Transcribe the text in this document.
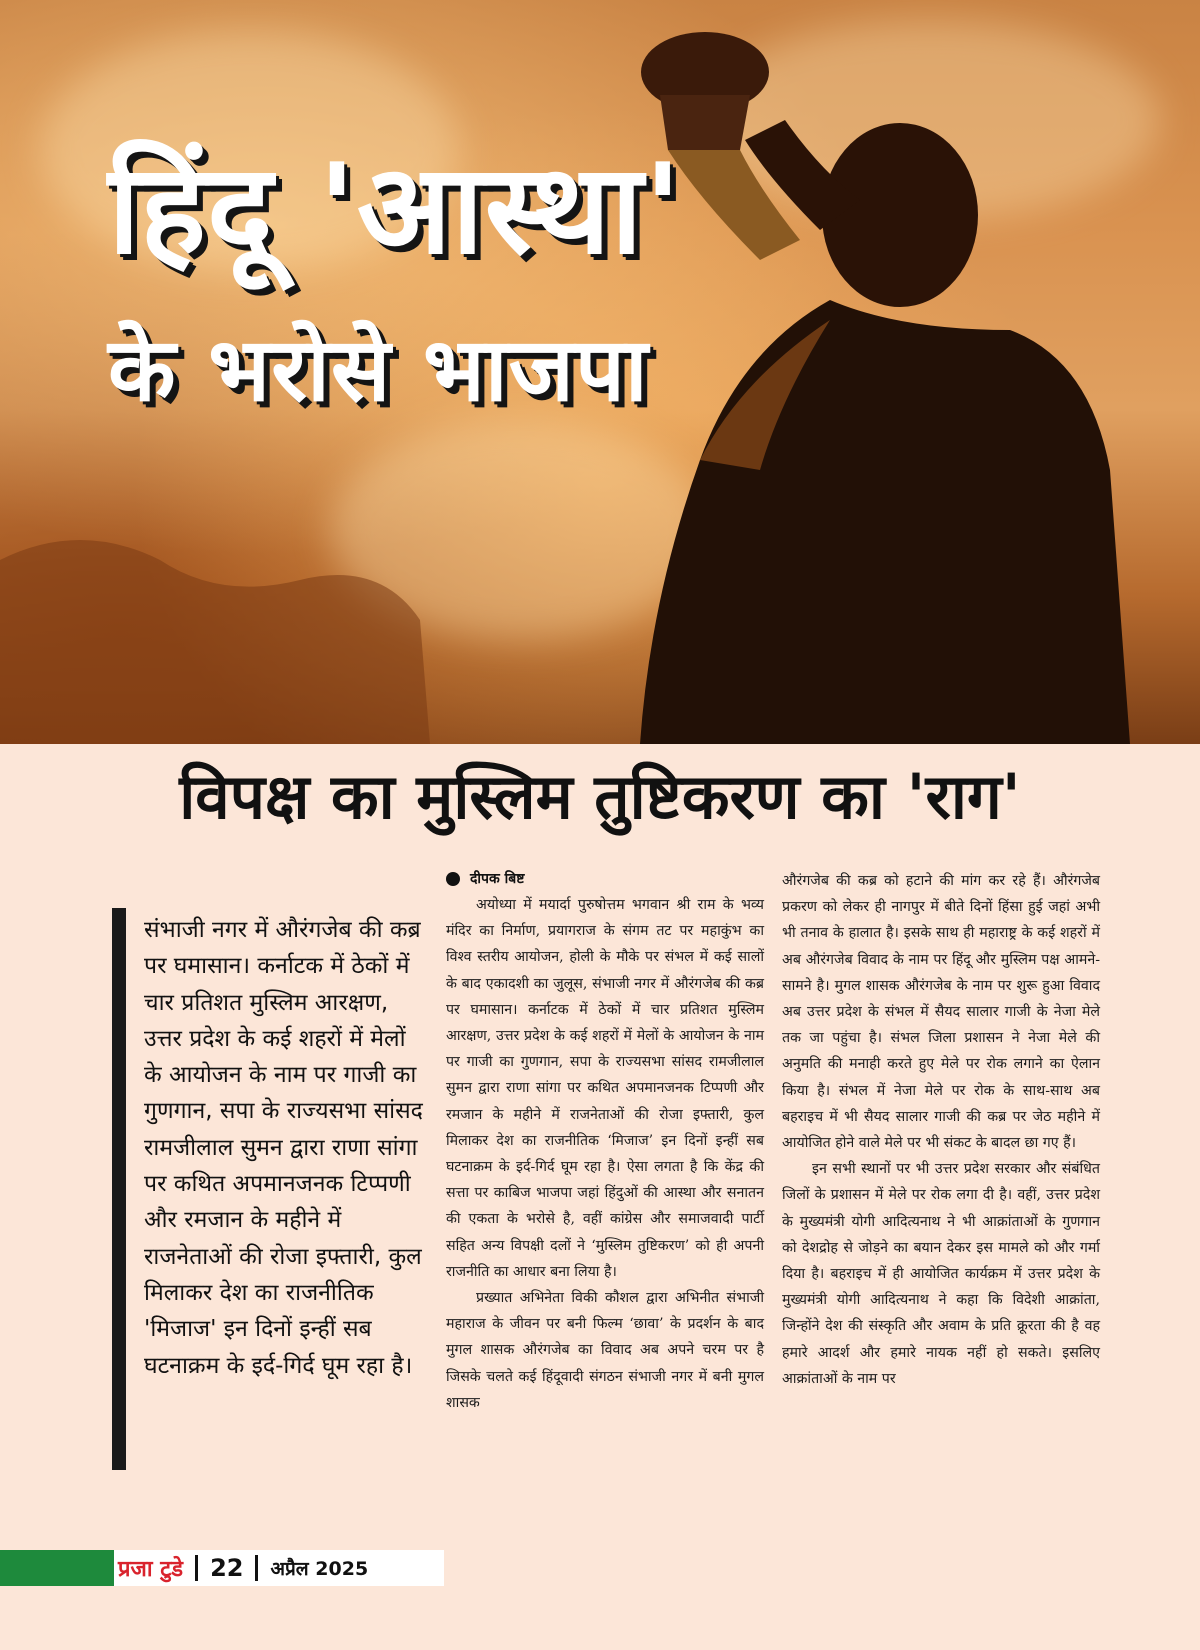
हिंदू 'आस्था'
के भरोसे भाजपा
विपक्ष का मुस्लिम तुष्टिकरण का 'राग'

संभाजी नगर में औरंगजेब की कब्र पर घमासान। कर्नाटक में ठेकों में चार प्रतिशत मुस्लिम आरक्षण, उत्तर प्रदेश के कई शहरों में मेलों के आयोजन के नाम पर गाजी का गुणगान, सपा के राज्यसभा सांसद रामजीलाल सुमन द्वारा राणा सांगा पर कथित अपमानजनक टिप्पणी और रमजान के महीने में राजनेताओं की रोजा इफ्तारी, कुल मिलाकर देश का राजनीतिक 'मिजाज' इन दिनों इन्हीं सब घटनाक्रम के इर्द-गिर्द घूम रहा है।

दीपक बिष्ट

अयोध्या में मयार्दा पुरुषोत्तम भगवान श्री राम के भव्य मंदिर का निर्माण, प्रयागराज के संगम तट पर महाकुंभ का विश्व स्तरीय आयोजन, होली के मौके पर संभल में कई सालों के बाद एकादशी का जुलूस, संभाजी नगर में औरंगजेब की कब्र पर घमासान। कर्नाटक में ठेकों में चार प्रतिशत मुस्लिम आरक्षण, उत्तर प्रदेश के कई शहरों में मेलों के आयोजन के नाम पर गाजी का गुणगान, सपा के राज्यसभा सांसद रामजीलाल सुमन द्वारा राणा सांगा पर कथित अपमानजनक टिप्पणी और रमजान के महीने में राजनेताओं की रोजा इफ्तारी, कुल मिलाकर देश का राजनीतिक ‘मिजाज’ इन दिनों इन्हीं सब घटनाक्रम के इर्द-गिर्द घूम रहा है। ऐसा लगता है कि केंद्र की सत्ता पर काबिज भाजपा जहां हिंदुओं की आस्था और सनातन की एकता के भरोसे है, वहीं कांग्रेस और समाजवादी पार्टी सहित अन्य विपक्षी दलों ने ‘मुस्लिम तुष्टिकरण’ को ही अपनी राजनीति का आधार बना लिया है।

प्रख्यात अभिनेता विकी कौशल द्वारा अभिनीत संभाजी महाराज के जीवन पर बनी फिल्म ‘छावा’ के प्रदर्शन के बाद मुगल शासक औरंगजेब का विवाद अब अपने चरम पर है जिसके चलते कई हिंदूवादी संगठन संभाजी नगर में बनी मुगल शासक

औरंगजेब की कब्र को हटाने की मांग कर रहे हैं। औरंगजेब प्रकरण को लेकर ही नागपुर में बीते दिनों हिंसा हुई जहां अभी भी तनाव के हालात है। इसके साथ ही महाराष्ट्र के कई शहरों में अब औरंगजेब विवाद के नाम पर हिंदू और मुस्लिम पक्ष आमने-सामने है। मुगल शासक औरंगजेब के नाम पर शुरू हुआ विवाद अब उत्तर प्रदेश के संभल में सैयद सालार गाजी के नेजा मेले तक जा पहुंचा है। संभल जिला प्रशासन ने नेजा मेले की अनुमति की मनाही करते हुए मेले पर रोक लगाने का ऐलान किया है। संभल में नेजा मेले पर रोक के साथ-साथ अब बहराइच में भी सैयद सालार गाजी की कब्र पर जेठ महीने में आयोजित होने वाले मेले पर भी संकट के बादल छा गए हैं।

इन सभी स्थानों पर भी उत्तर प्रदेश सरकार और संबंधित जिलों के प्रशासन में मेले पर रोक लगा दी है। वहीं, उत्तर प्रदेश के मुख्यमंत्री योगी आदित्यनाथ ने भी आक्रांताओं के गुणगान को देशद्रोह से जोड़ने का बयान देकर इस मामले को और गर्मा दिया है। बहराइच में ही आयोजित कार्यक्रम में उत्तर प्रदेश के मुख्यमंत्री योगी आदित्यनाथ ने कहा कि विदेशी आक्रांता, जिन्होंने देश की संस्कृति और अवाम के प्रति क्रूरता की है वह हमारे आदर्श और हमारे नायक नहीं हो सकते। इसलिए आक्रांताओं के नाम पर

प्रजा टुडे 22 अप्रैल 2025
